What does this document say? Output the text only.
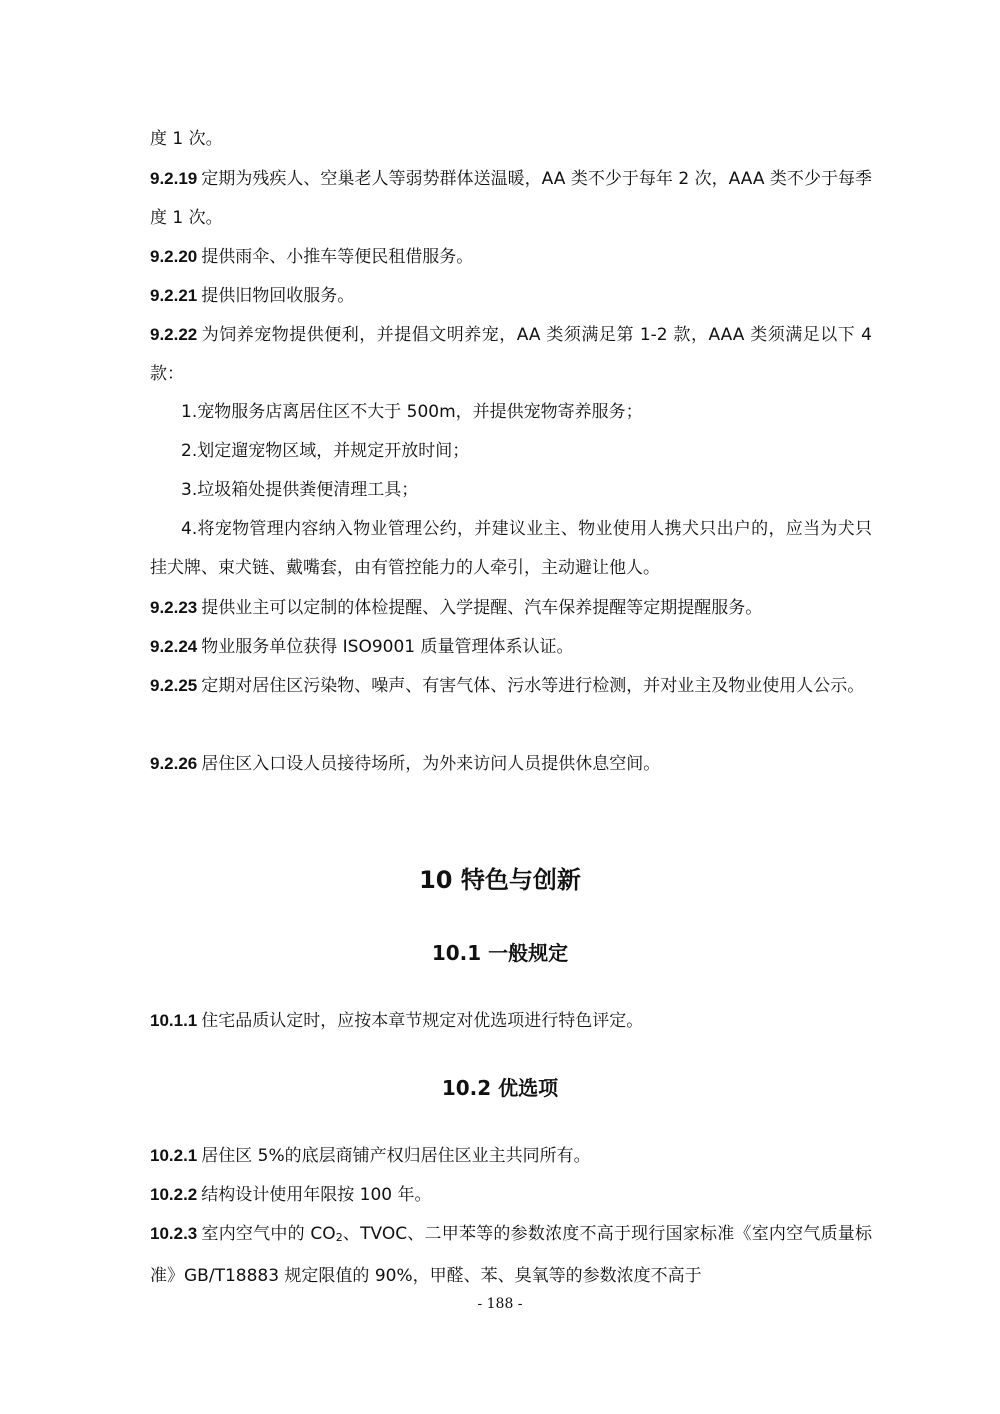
度 1 次。

9.2.19 定期为残疾人、空巢老人等弱势群体送温暖，AA 类不少于每年 2 次，AAA 类不少于每季度 1 次。

9.2.20 提供雨伞、小推车等便民租借服务。

9.2.21 提供旧物回收服务。

9.2.22 为饲养宠物提供便利，并提倡文明养宠，AA 类须满足第 1-2 款，AAA 类须满足以下 4 款：

1.宠物服务店离居住区不大于 500m，并提供宠物寄养服务；

2.划定遛宠物区域，并规定开放时间；

3.垃圾箱处提供粪便清理工具；

4.将宠物管理内容纳入物业管理公约，并建议业主、物业使用人携犬只出户的，应当为犬只挂犬牌、束犬链、戴嘴套，由有管控能力的人牵引，主动避让他人。

9.2.23 提供业主可以定制的体检提醒、入学提醒、汽车保养提醒等定期提醒服务。

9.2.24 物业服务单位获得 ISO9001 质量管理体系认证。

9.2.25 定期对居住区污染物、噪声、有害气体、污水等进行检测，并对业主及物业使用人公示。

9.2.26 居住区入口设人员接待场所，为外来访问人员提供休息空间。

10 特色与创新
10.1 一般规定

10.1.1 住宅品质认定时，应按本章节规定对优选项进行特色评定。

10.2 优选项

10.2.1 居住区 5%的底层商铺产权归居住区业主共同所有。

10.2.2 结构设计使用年限按 100 年。

10.2.3 室内空气中的 $CO_2$、TVOC、二甲苯等的参数浓度不高于现行国家标准《室内空气质量标准》GB/T18883 规定限值的 90%，甲醛、苯、臭氧等的参数浓度不高于

- 188 -
